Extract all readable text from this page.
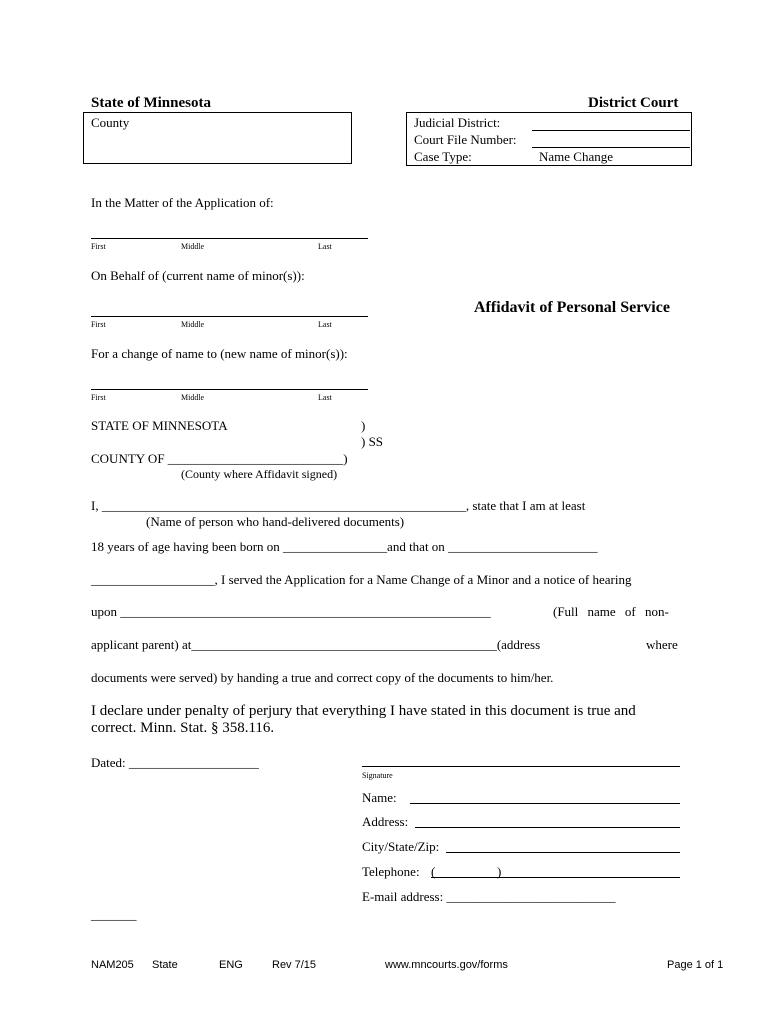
State of Minnesota	District Court
County	Judicial District:
Court File Number:
Case Type:	Name Change
In the Matter of the Application of:
First	Middle	Last
On Behalf of (current name of minor(s)):
First	Middle	Last
Affidavit of Personal Service
For a change of name to (new name of minor(s)):
First	Middle	Last
STATE OF MINNESOTA	)
) SS
COUNTY OF ___________________________)
(County where Affidavit signed)
I, ________________________________________________________, state that I am at least
(Name of person who hand-delivered documents)
18 years of age having been born on ________________and that on _______________________
___________________, I served the Application for a Name Change of a Minor and a notice of hearing
upon _________________________________________________________	(Full name of non-
applicant parent) at_______________________________________________(address	where
documents were served) by handing a true and correct copy of the documents to him/her.
I declare under penalty of perjury that everything I have stated in this document is true and
correct. Minn. Stat. § 358.116.
Dated: ____________________
Signature
Name:
Address:
City/State/Zip:
Telephone: (	)
E-mail address: __________________________
_______
NAM205 State	ENG	Rev 7/15	www.mncourts.gov/forms	Page 1 of 1
